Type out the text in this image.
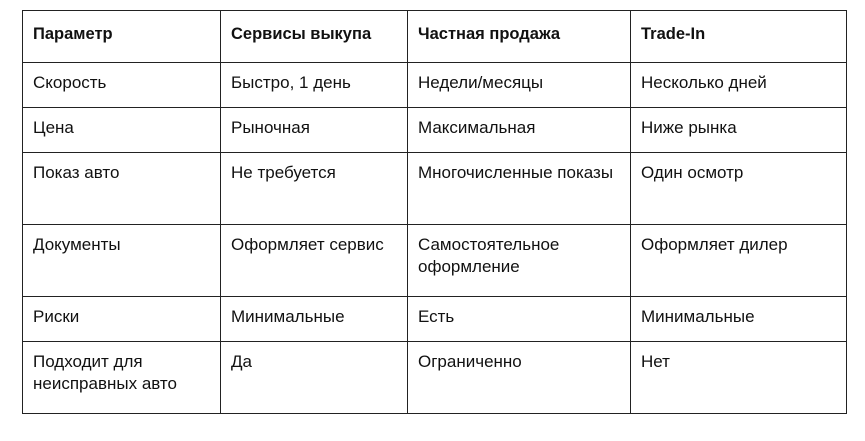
Параметр	Сервисы выкупа	Частная продажа	Trade-In
Скорость	Быстро, 1 день	Недели/месяцы	Несколько дней
Цена	Рыночная	Максимальная	Ниже рынка
Показ авто	Не требуется	Многочисленные показы	Один осмотр
Документы	Оформляет сервис	Самостоятельное оформление	Оформляет дилер
Риски	Минимальные	Есть	Минимальные
Подходит для неисправных авто	Да	Ограниченно	Нет
